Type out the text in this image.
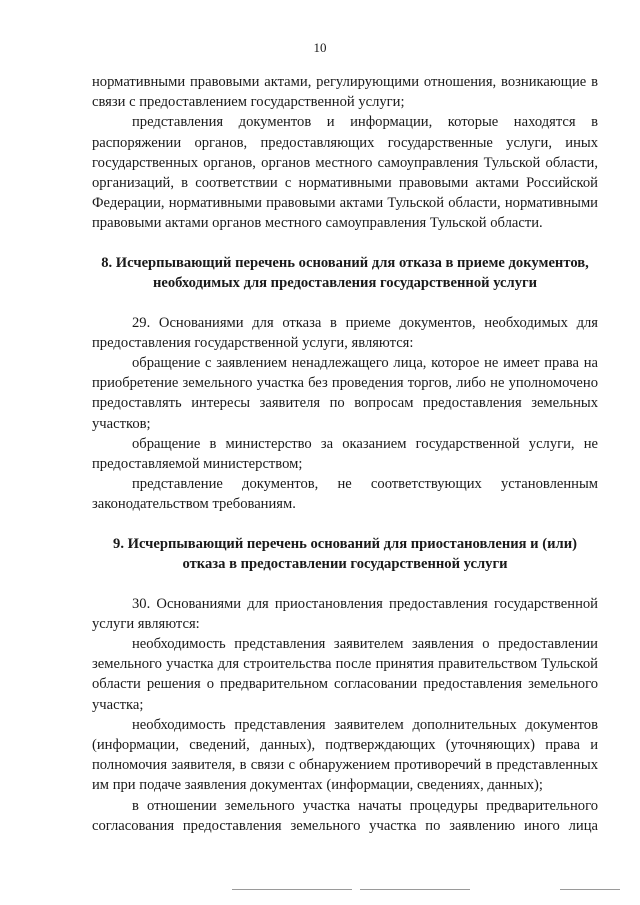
10

нормативными правовыми актами, регулирующими отношения, возникающие в связи с предоставлением государственной услуги;

представления документов и информации, которые находятся в распоряжении органов, предоставляющих государственные услуги, иных государственных органов, органов местного самоуправления Тульской области, организаций, в соответствии с нормативными правовыми актами Российской Федерации, нормативными правовыми актами Тульской области, нормативными правовыми актами органов местного самоуправления Тульской области.

8. Исчерпывающий перечень оснований для отказа в приеме документов, необходимых для предоставления государственной услуги

29. Основаниями для отказа в приеме документов, необходимых для предоставления государственной услуги, являются:

обращение с заявлением ненадлежащего лица, которое не имеет права на приобретение земельного участка без проведения торгов, либо не уполномочено предоставлять интересы заявителя по вопросам предоставления земельных участков;

обращение в министерство за оказанием государственной услуги, не предоставляемой министерством;

представление документов, не соответствующих установленным законодательством требованиям.

9. Исчерпывающий перечень оснований для приостановления и (или) отказа в предоставлении государственной услуги

30. Основаниями для приостановления предоставления государственной услуги являются:

необходимость представления заявителем заявления о предоставлении земельного участка для строительства после принятия правительством Тульской области решения о предварительном согласовании предоставления земельного участка;

необходимость представления заявителем дополнительных документов (информации, сведений, данных), подтверждающих (уточняющих) права и полномочия заявителя, в связи с обнаружением противоречий в представленных им при подаче заявления документах (информации, сведениях, данных);

в отношении земельного участка начаты процедуры предварительного согласования предоставления земельного участка по заявлению иного лица
